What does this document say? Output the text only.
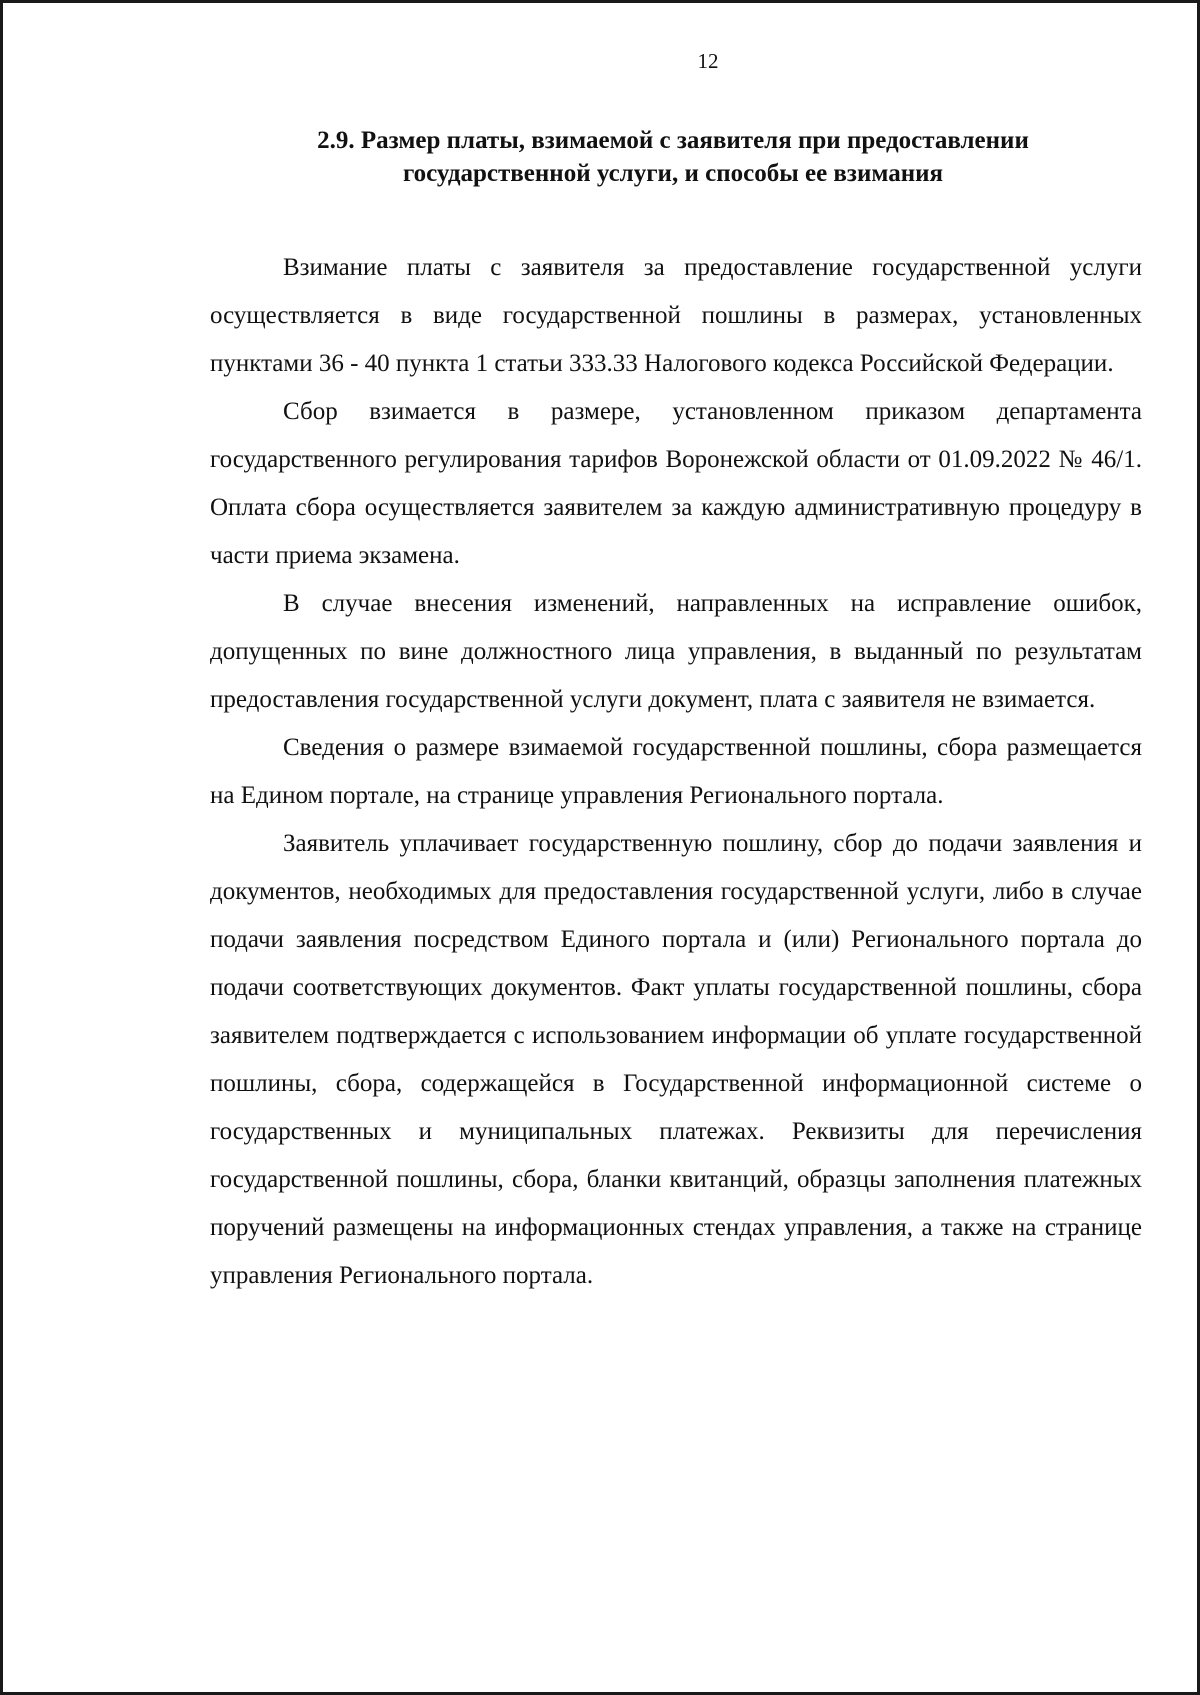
12
2.9. Размер платы, взимаемой с заявителя при предоставлении
государственной услуги, и способы ее взимания

Взимание платы с заявителя за предоставление государственной услуги осуществляется в виде государственной пошлины в размерах, установленных пунктами 36 - 40 пункта 1 статьи 333.33 Налогового кодекса Российской Федерации.

Сбор взимается в размере, установленном приказом департамента государственного регулирования тарифов Воронежской области от 01.09.2022 № 46/1. Оплата сбора осуществляется заявителем за каждую административную процедуру в части приема экзамена.

В случае внесения изменений, направленных на исправление ошибок, допущенных по вине должностного лица управления, в выданный по результатам предоставления государственной услуги документ, плата с заявителя не взимается.

Сведения о размере взимаемой государственной пошлины, сбора размещается на Едином портале, на странице управления Регионального портала.

Заявитель уплачивает государственную пошлину, сбор до подачи заявления и документов, необходимых для предоставления государственной услуги, либо в случае подачи заявления посредством Единого портала и (или) Регионального портала до подачи соответствующих документов. Факт уплаты государственной пошлины, сбора заявителем подтверждается с использованием информации об уплате государственной пошлины, сбора, содержащейся в Государственной информационной системе о государственных и муниципальных платежах. Реквизиты для перечисления государственной пошлины, сбора, бланки квитанций, образцы заполнения платежных поручений размещены на информационных стендах управления, а также на странице управления Регионального портала.
